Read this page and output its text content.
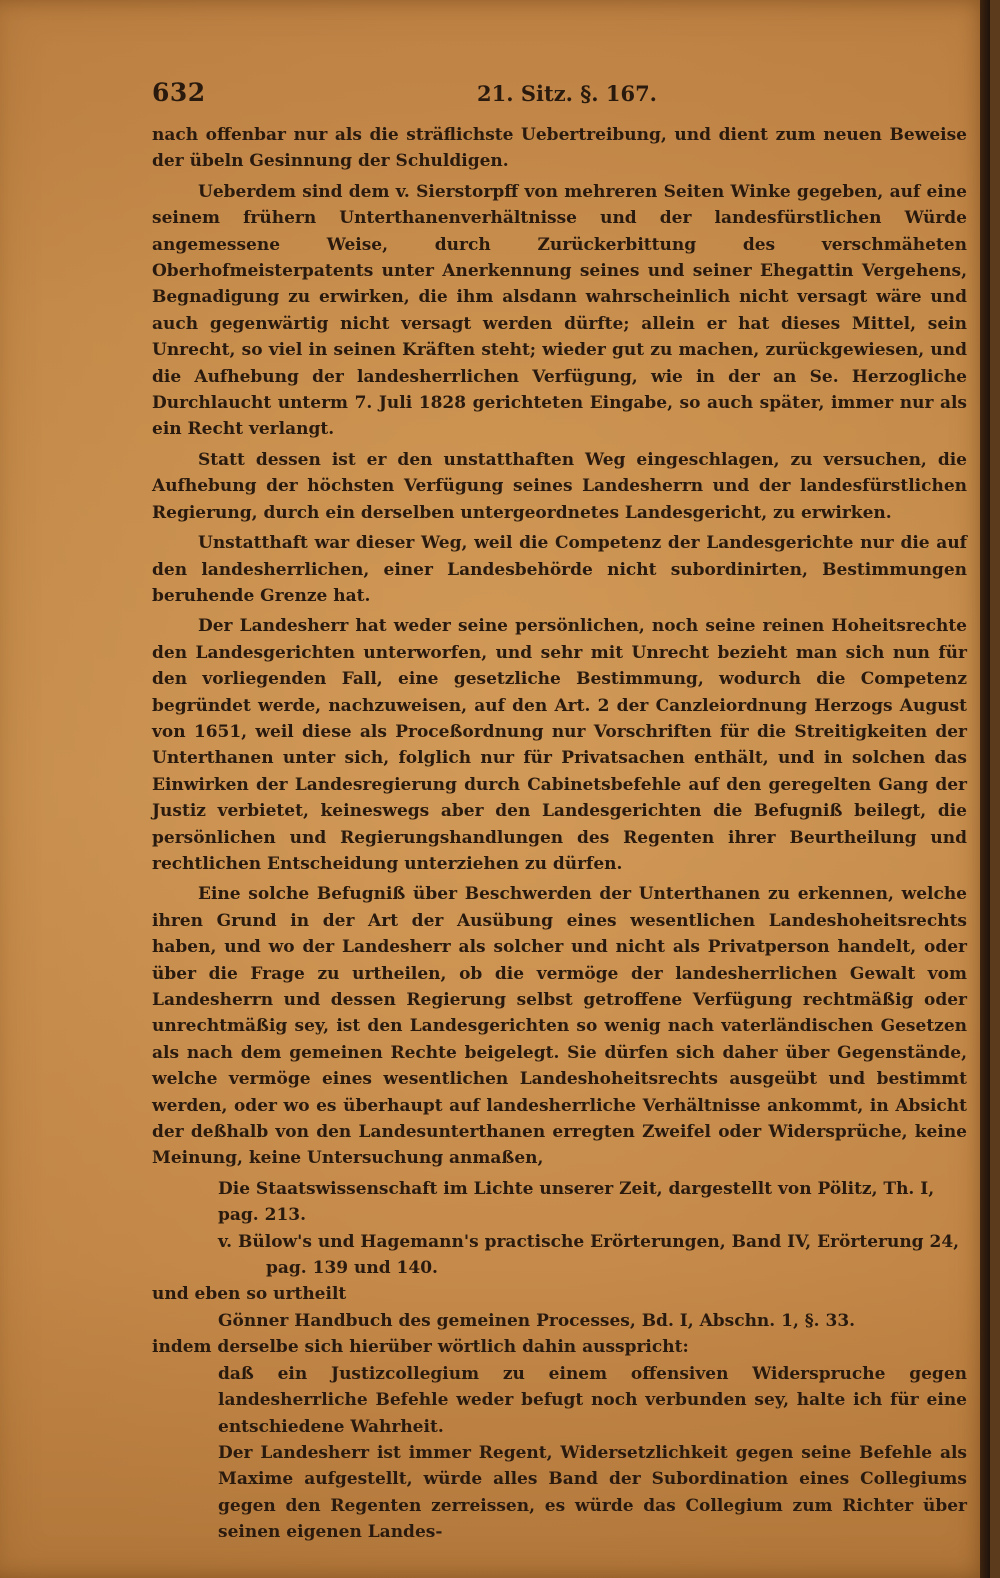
632	21. Sitz. §. 167.

nach offenbar nur als die sträflichste Uebertreibung, und dient zum neuen Beweise der übeln Gesinnung der Schuldigen.

Ueberdem sind dem v. Sierstorpff von mehreren Seiten Winke gegeben, auf eine seinem frühern Unterthanenverhältnisse und der landesfürstlichen Würde angemessene Weise, durch Zurückerbittung des verschmäheten Oberhofmeisterpatents unter Anerkennung seines und seiner Ehegattin Vergehens, Begnadigung zu erwirken, die ihm alsdann wahrscheinlich nicht versagt wäre und auch gegenwärtig nicht versagt werden dürfte; allein er hat dieses Mittel, sein Unrecht, so viel in seinen Kräften steht; wieder gut zu machen, zurückgewiesen, und die Aufhebung der landesherrlichen Verfügung, wie in der an Se. Herzogliche Durchlaucht unterm 7. Juli 1828 gerichteten Eingabe, so auch später, immer nur als ein Recht verlangt.

Statt dessen ist er den unstatthaften Weg eingeschlagen, zu versuchen, die Aufhebung der höchsten Verfügung seines Landesherrn und der landesfürstlichen Regierung, durch ein derselben untergeordnetes Landesgericht, zu erwirken.

Unstatthaft war dieser Weg, weil die Competenz der Landesgerichte nur die auf den landesherrlichen, einer Landesbehörde nicht subordinirten, Bestimmungen beruhende Grenze hat.

Der Landesherr hat weder seine persönlichen, noch seine reinen Hoheitsrechte den Landesgerichten unterworfen, und sehr mit Unrecht bezieht man sich nun für den vorliegenden Fall, eine gesetzliche Bestimmung, wodurch die Competenz begründet werde, nachzuweisen, auf den Art. 2 der Canzleiordnung Herzogs August von 1651, weil diese als Proceßordnung nur Vorschriften für die Streitigkeiten der Unterthanen unter sich, folglich nur für Privatsachen enthält, und in solchen das Einwirken der Landesregierung durch Cabinetsbefehle auf den geregelten Gang der Justiz verbietet, keineswegs aber den Landesgerichten die Befugniß beilegt, die persönlichen und Regierungshandlungen des Regenten ihrer Beurtheilung und rechtlichen Entscheidung unterziehen zu dürfen.

Eine solche Befugniß über Beschwerden der Unterthanen zu erkennen, welche ihren Grund in der Art der Ausübung eines wesentlichen Landeshoheitsrechts haben, und wo der Landesherr als solcher und nicht als Privatperson handelt, oder über die Frage zu urtheilen, ob die vermöge der landesherrlichen Gewalt vom Landesherrn und dessen Regierung selbst getroffene Verfügung rechtmäßig oder unrechtmäßig sey, ist den Landesgerichten so wenig nach vaterländischen Gesetzen als nach dem gemeinen Rechte beigelegt. Sie dürfen sich daher über Gegenstände, welche vermöge eines wesentlichen Landeshoheitsrechts ausgeübt und bestimmt werden, oder wo es überhaupt auf landesherrliche Verhältnisse ankommt, in Absicht der deßhalb von den Landesunterthanen erregten Zweifel oder Widersprüche, keine Meinung, keine Untersuchung anmaßen,

Die Staatswissenschaft im Lichte unserer Zeit, dargestellt von Pölitz, Th. I, pag. 213.

v. Bülow's und Hagemann's practische Erörterungen, Band IV, Erörterung 24, pag. 139 und 140.

und eben so urtheilt

Gönner Handbuch des gemeinen Processes, Bd. I, Abschn. 1, §. 33.

indem derselbe sich hierüber wörtlich dahin ausspricht:

daß ein Justizcollegium zu einem offensiven Widerspruche gegen landesherrliche Befehle weder befugt noch verbunden sey, halte ich für eine entschiedene Wahrheit.

Der Landesherr ist immer Regent, Widersetzlichkeit gegen seine Befehle als Maxime aufgestellt, würde alles Band der Subordination eines Collegiums gegen den Regenten zerreissen, es würde das Collegium zum Richter über seinen eigenen Landes-
